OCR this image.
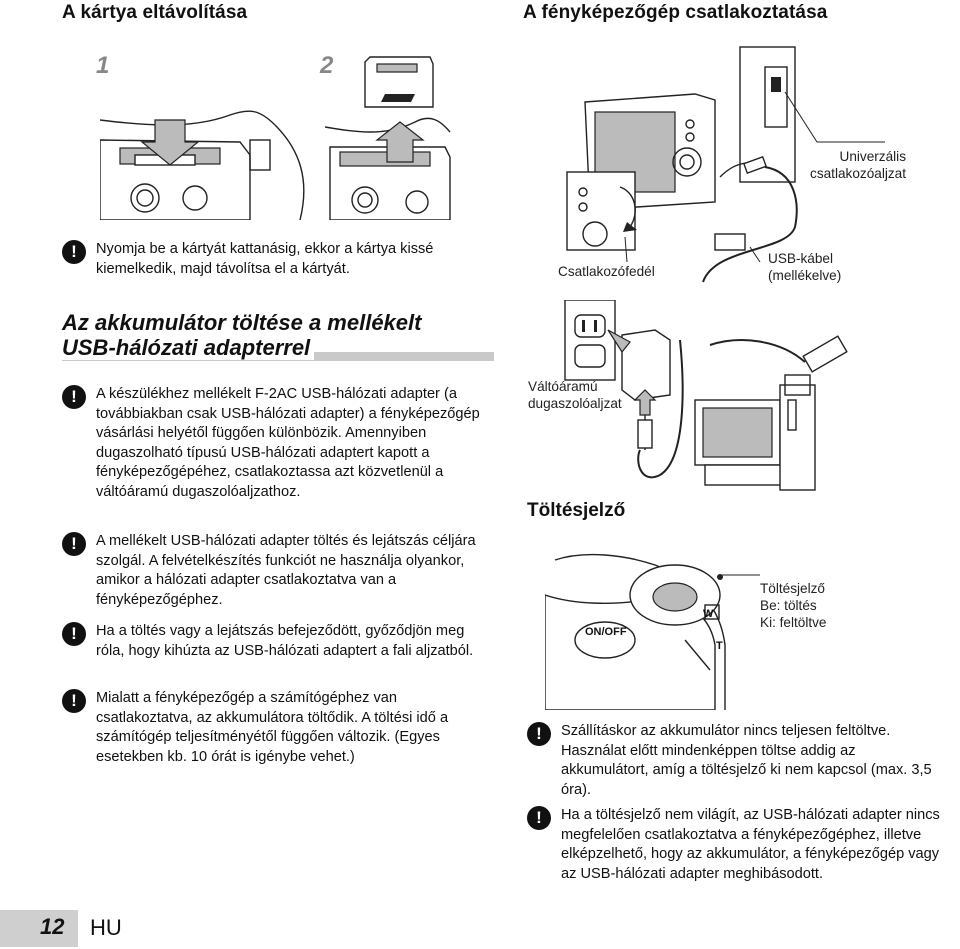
A kártya eltávolítása
1	2
!	Nyomja be a kártyát kattanásig, ekkor a kártya kissé kiemelkedik, majd távolítsa el a kártyát.
Az akkumulátor töltése a mellékelt
USB-hálózati adapterrel
!	A készülékhez mellékelt F-2AC USB-hálózati adapter (a továbbiakban csak USB-hálózati adapter) a fényképezőgép vásárlási helyétől függően különbözik. Amennyiben dugaszolható típusú USB-hálózati adaptert kapott a fényképezőgépéhez, csatlakoztassa azt közvetlenül a váltóáramú dugaszolóaljzathoz.
!	A mellékelt USB-hálózati adapter töltés és lejátszás céljára szolgál. A felvételkészítés funkciót ne használja olyankor, amikor a hálózati adapter csatlakoztatva van a fényképezőgéphez.
!	Ha a töltés vagy a lejátszás befejeződött, győződjön meg róla, hogy kihúzta az USB-hálózati adaptert a fali aljzatból.
!	Mialatt a fényképezőgép a számítógéphez van csatlakoztatva, az akkumulátora töltődik. A töltési idő a számítógép teljesítményétől függően változik. (Egyes esetekben kb. 10 órát is igénybe vehet.)
12 HU
A fényképezőgép csatlakoztatása
Univerzális
csatlakozóaljzat
Csatlakozófedél
USB-kábel
(mellékelve)
Váltóáramú
dugaszolóaljzat
Töltésjelző
ON/OFF
W
T
Töltésjelző
Be: töltés
Ki: feltöltve
!	Szállításkor az akkumulátor nincs teljesen feltöltve. Használat előtt mindenképpen töltse addig az akkumulátort, amíg a töltésjelző ki nem kapcsol (max. 3,5 óra).
!	Ha a töltésjelző nem világít, az USB-hálózati adapter nincs megfelelően csatlakoztatva a fényképezőgéphez, illetve elképzelhető, hogy az akkumulátor, a fényképezőgép vagy az USB-hálózati adapter meghibásodott.
